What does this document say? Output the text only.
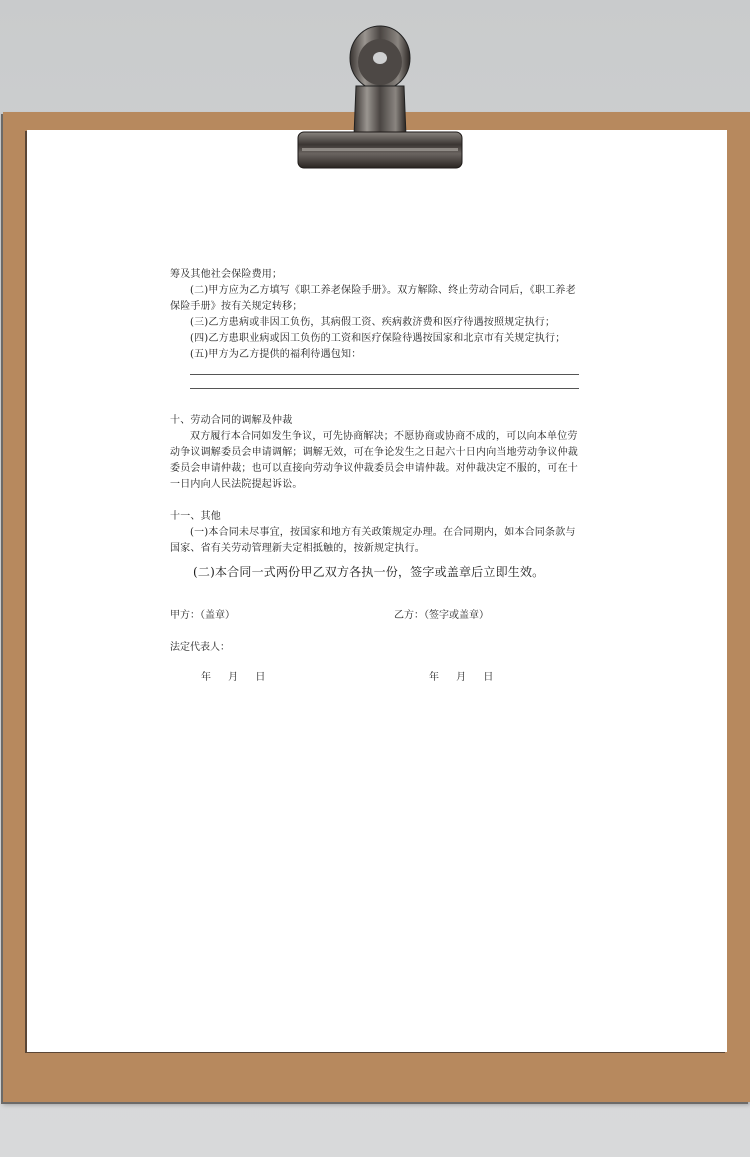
筹及其他社会保险费用；

(二)甲方应为乙方填写《职工养老保险手册》。双方解除、终止劳动合同后，《职工养老

保险手册》按有关规定转移；

(三)乙方患病或非因工负伤，其病假工资、疾病救济费和医疗待遇按照规定执行；

(四)乙方患职业病或因工负伤的工资和医疗保险待遇按国家和北京市有关规定执行；

(五)甲方为乙方提供的福利待遇包知：

十、劳动合同的调解及仲裁

双方履行本合同如发生争议，可先协商解决；不愿协商或协商不成的，可以向本单位劳动争议调解委员会申请调解；调解无效，可在争论发生之日起六十日内向当地劳动争议仲裁委员会申请仲裁；也可以直接向劳动争议仲裁委员会申请仲裁。对仲裁决定不服的，可在十一日内向人民法院提起诉讼。

十一、其他

(一)本合同未尽事宜，按国家和地方有关政策规定办理。在合同期内，如本合同条款与国家、省有关劳动管理新夫定相抵触的，按新规定执行。

(二)本合同一式两份甲乙双方各执一份，签字或盖章后立即生效。

甲方：（盖章）	乙方：（签字或盖章）
法定代表人：
年 月 日	年 月 日
